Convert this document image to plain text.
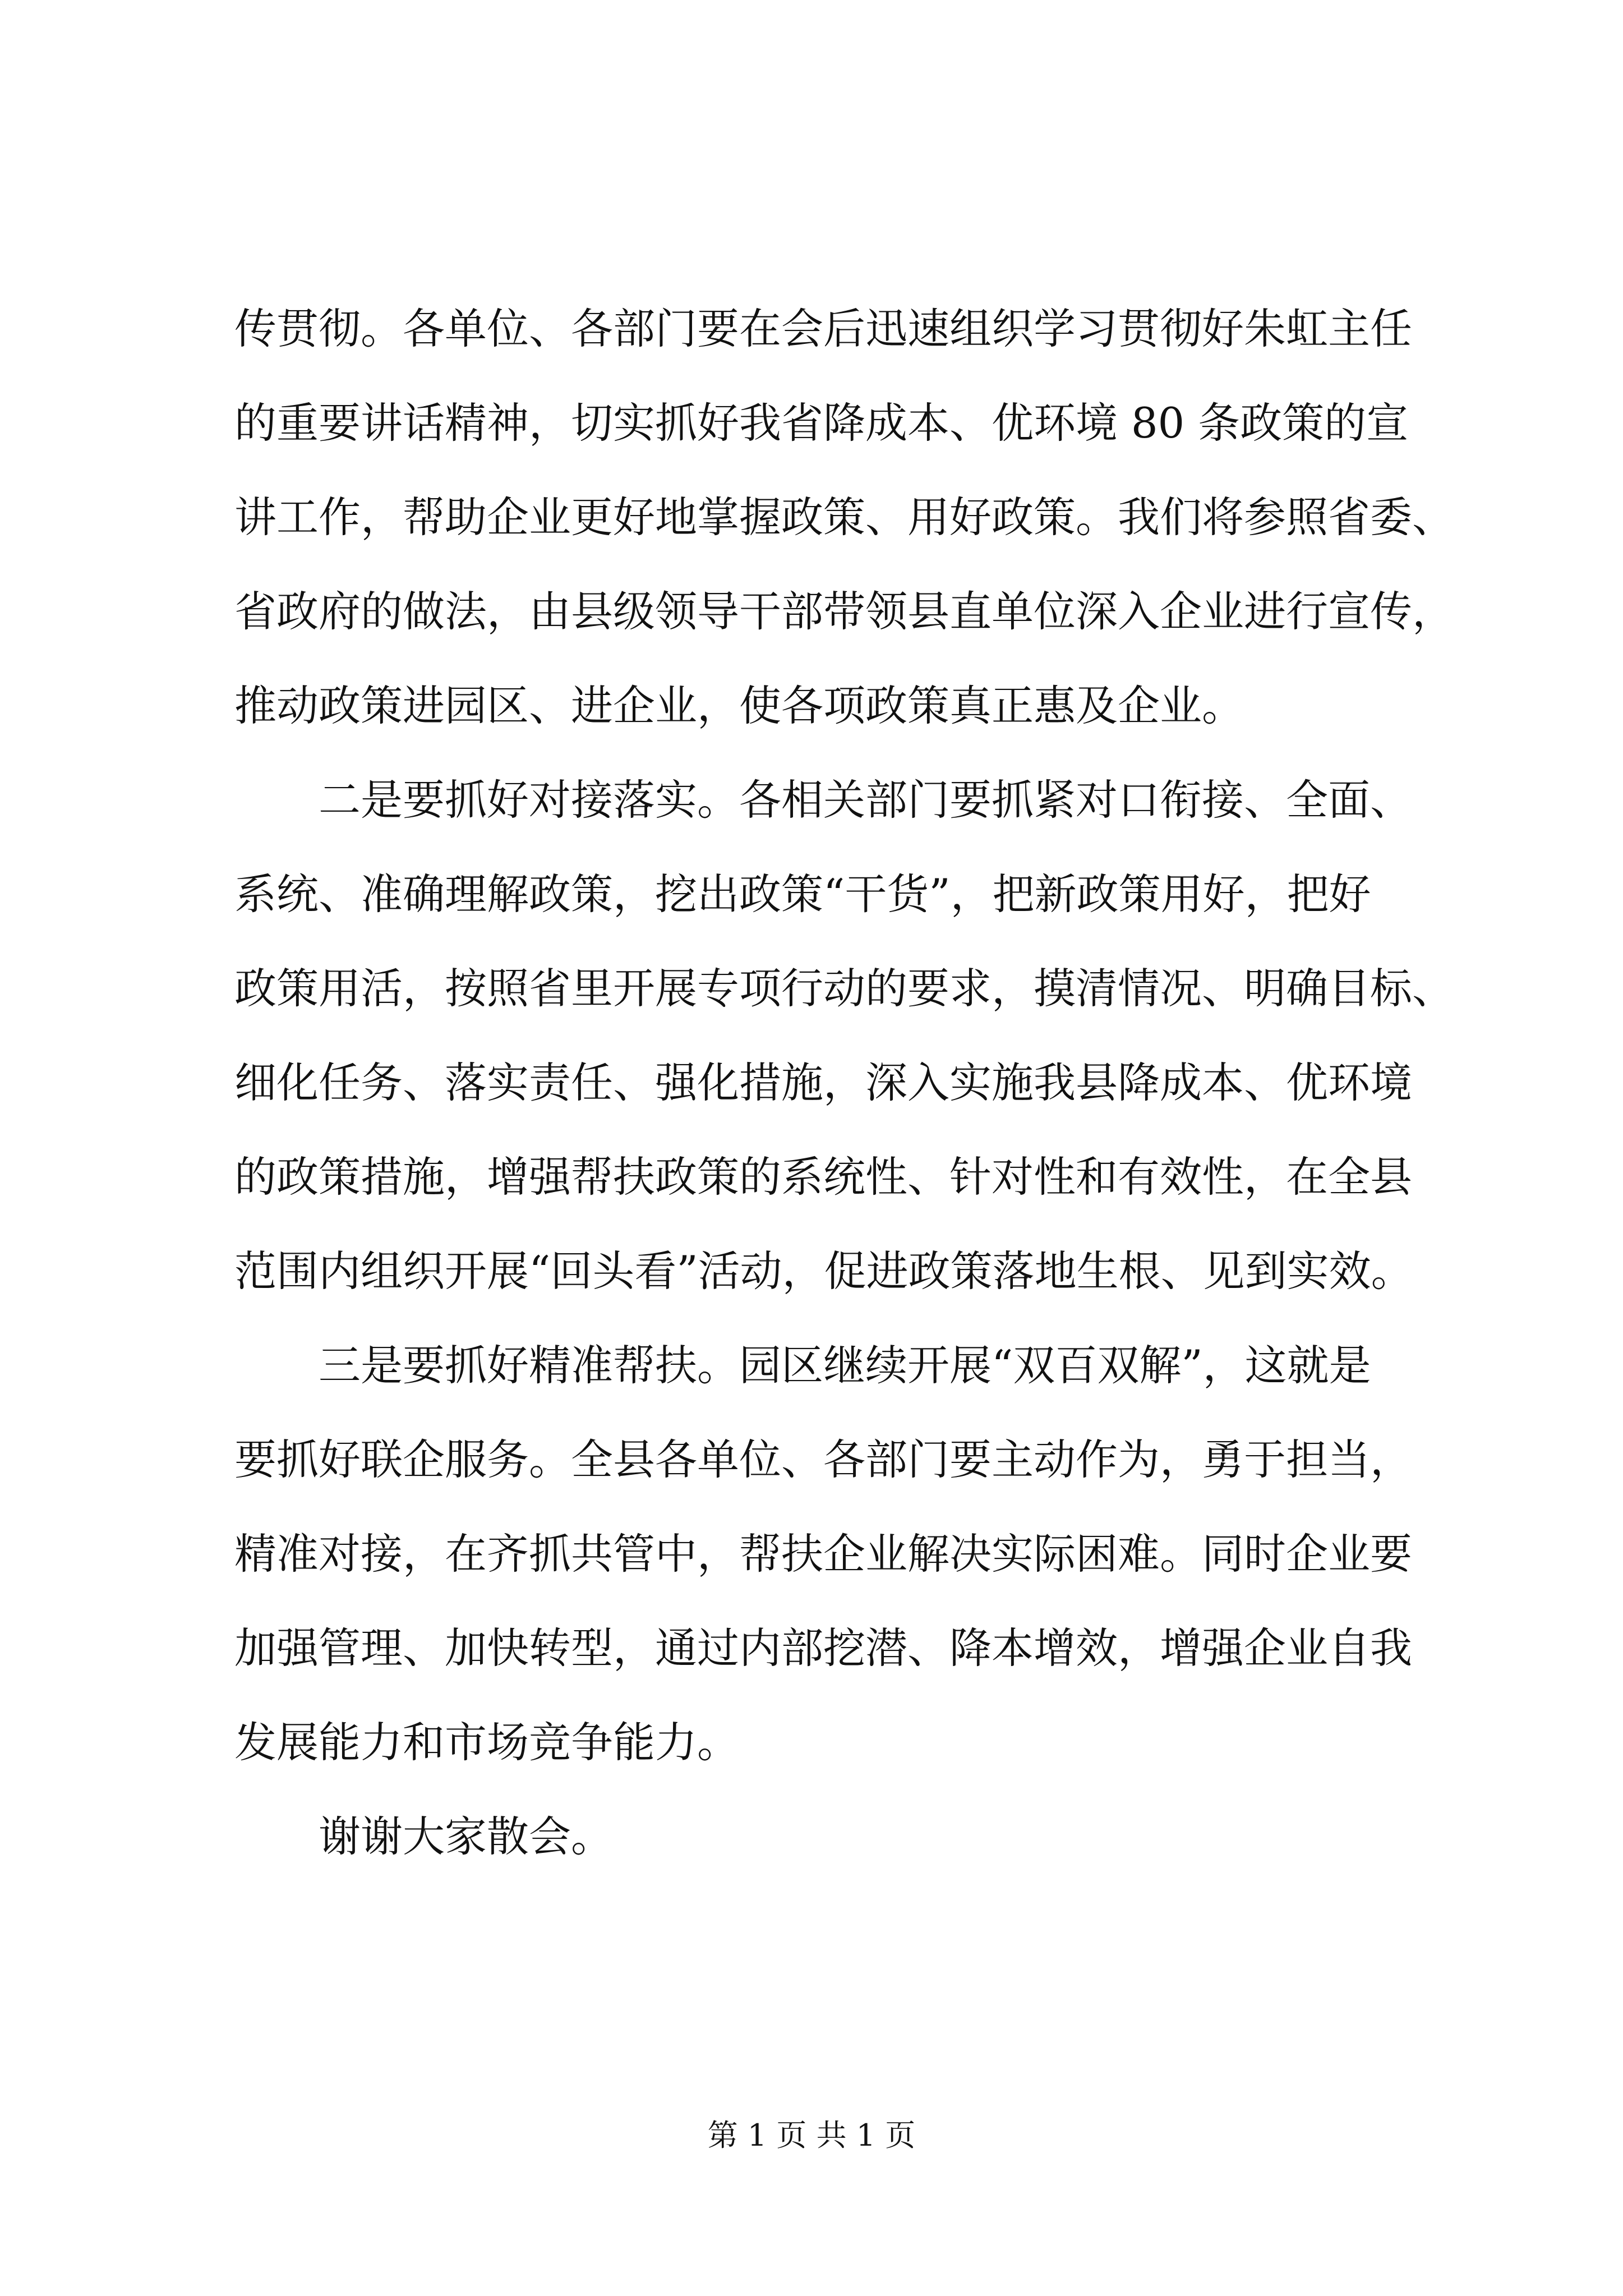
传贯彻。各单位、各部门要在会后迅速组织学习贯彻好朱虹主任
的重要讲话精神，切实抓好我省降成本、优环境 80 条政策的宣
讲工作，帮助企业更好地掌握政策、用好政策。我们将参照省委、
省政府的做法，由县级领导干部带领县直单位深入企业进行宣传，
推动政策进园区、进企业，使各项政策真正惠及企业。
二是要抓好对接落实。各相关部门要抓紧对口衔接、全面、
系统、准确理解政策，挖出政策“干货”，把新政策用好，把好
政策用活，按照省里开展专项行动的要求，摸清情况、明确目标、
细化任务、落实责任、强化措施，深入实施我县降成本、优环境
的政策措施，增强帮扶政策的系统性、针对性和有效性，在全县
范围内组织开展“回头看”活动，促进政策落地生根、见到实效。
三是要抓好精准帮扶。园区继续开展“双百双解”，这就是
要抓好联企服务。全县各单位、各部门要主动作为，勇于担当，
精准对接，在齐抓共管中，帮扶企业解决实际困难。同时企业要
加强管理、加快转型，通过内部挖潜、降本增效，增强企业自我
发展能力和市场竞争能力。
谢谢大家散会。
第 1 页 共 1 页
